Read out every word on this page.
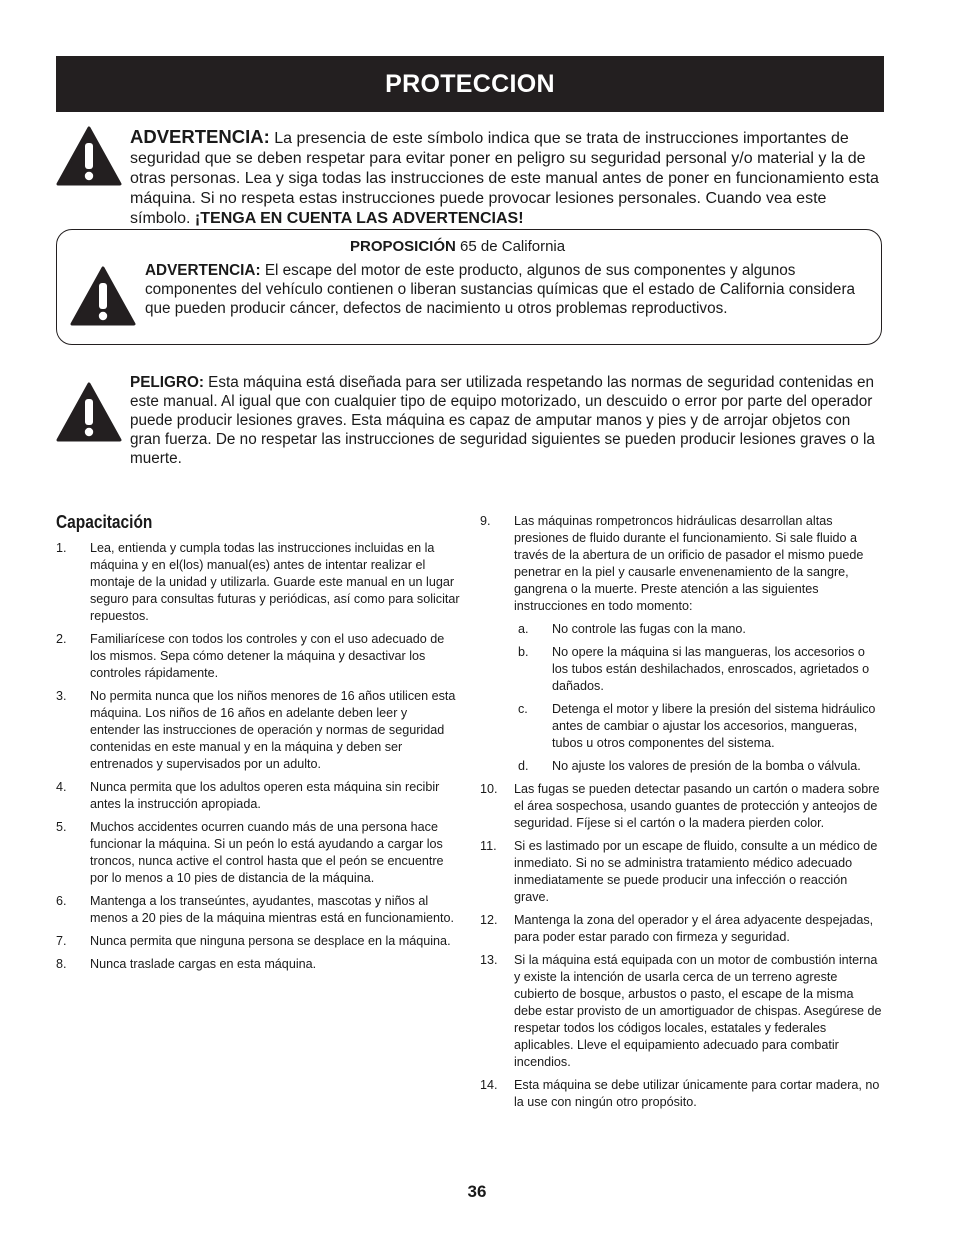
PROTECCION
ADVERTENCIA: La presencia de este símbolo indica que se trata de instrucciones importantes de seguridad que se deben respetar para evitar poner en peligro su seguridad personal y/o material y la de otras personas. Lea y siga todas las instrucciones de este manual antes de poner en funcionamiento esta máquina. Si no respeta estas instrucciones puede provocar lesiones personales. Cuando vea este símbolo. ¡TENGA EN CUENTA LAS ADVERTENCIAS!
PROPOSICIÓN 65 de California
ADVERTENCIA: El escape del motor de este producto, algunos de sus componentes y algunos componentes del vehículo contienen o liberan sustancias químicas que el estado de California considera que pueden producir cáncer, defectos de nacimiento u otros problemas reproductivos.
PELIGRO: Esta máquina está diseñada para ser utilizada respetando las normas de seguridad contenidas en este manual. Al igual que con cualquier tipo de equipo motorizado, un descuido o error por parte del operador puede producir lesiones graves. Esta máquina es capaz de amputar manos y pies y de arrojar objetos con gran fuerza. De no respetar las instrucciones de seguridad siguientes se pueden producir lesiones graves o la muerte.
Capacitación
1. Lea, entienda y cumpla todas las instrucciones incluidas en la máquina y en el(los) manual(es) antes de intentar realizar el montaje de la unidad y utilizarla. Guarde este manual en un lugar seguro para consultas futuras y periódicas, así como para solicitar repuestos.
2. Familiarícese con todos los controles y con el uso adecuado de los mismos. Sepa cómo detener la máquina y desactivar los controles rápidamente.
3. No permita nunca que los niños menores de 16 años utilicen esta máquina. Los niños de 16 años en adelante deben leer y entender las instrucciones de operación y normas de seguridad contenidas en este manual y en la máquina y deben ser entrenados y supervisados por un adulto.
4. Nunca permita que los adultos operen esta máquina sin recibir antes la instrucción apropiada.
5. Muchos accidentes ocurren cuando más de una persona hace funcionar la máquina. Si un peón lo está ayudando a cargar los troncos, nunca active el control hasta que el peón se encuentre por lo menos a 10 pies de distancia de la máquina.
6. Mantenga a los transeúntes, ayudantes, mascotas y niños al menos a 20 pies de la máquina mientras está en funcionamiento.
7. Nunca permita que ninguna persona se desplace en la máquina.
8. Nunca traslade cargas en esta máquina.
9. Las máquinas rompetroncos hidráulicas desarrollan altas presiones de fluido durante el funcionamiento. Si sale fluido a través de la abertura de un orificio de pasador el mismo puede penetrar en la piel y causarle envenenamiento de la sangre, gangrena o la muerte. Preste atención a las siguientes instrucciones en todo momento:
a. No controle las fugas con la mano.
b. No opere la máquina si las mangueras, los accesorios o los tubos están deshilachados, enroscados, agrietados o dañados.
c. Detenga el motor y libere la presión del sistema hidráulico antes de cambiar o ajustar los accesorios, mangueras, tubos u otros componentes del sistema.
d. No ajuste los valores de presión de la bomba o válvula.
10. Las fugas se pueden detectar pasando un cartón o madera sobre el área sospechosa, usando guantes de protección y anteojos de seguridad. Fíjese si el cartón o la madera pierden color.
11. Si es lastimado por un escape de fluido, consulte a un médico de inmediato. Si no se administra tratamiento médico adecuado inmediatamente se puede producir una infección o reacción grave.
12. Mantenga la zona del operador y el área adyacente despejadas, para poder estar parado con firmeza y seguridad.
13. Si la máquina está equipada con un motor de combustión interna y existe la intención de usarla cerca de un terreno agreste cubierto de bosque, arbustos o pasto, el escape de la misma debe estar provisto de un amortiguador de chispas. Asegúrese de respetar todos los códigos locales, estatales y federales aplicables. Lleve el equipamiento adecuado para combatir incendios.
14. Esta máquina se debe utilizar únicamente para cortar madera, no la use con ningún otro propósito.
36
